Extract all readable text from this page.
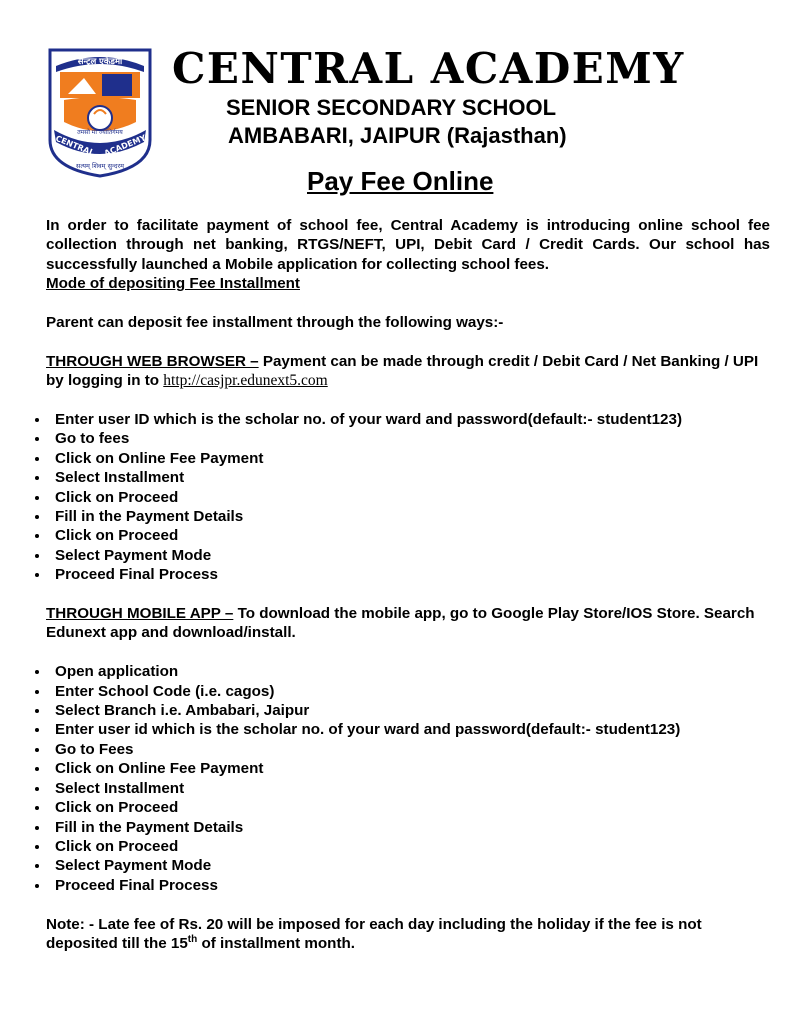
सेन्ट्रल एकेडमी
CENTRAL ACADEMY
तमसो मा ज्योतिर्गमय
सत्यम् शिवम् सुन्दरम्
CENTRAL ACADEMY
SENIOR SECONDARY SCHOOL
AMBABARI, JAIPUR (Rajasthan)
Pay Fee Online

In order to facilitate payment of school fee, Central Academy is introducing online school fee collection through net banking, RTGS/NEFT, UPI, Debit Card / Credit Cards. Our school has successfully launched a Mobile application for collecting school fees.

Mode of depositing Fee Installment

Parent can deposit fee installment through the following ways:-

THROUGH WEB BROWSER – Payment can be made through credit / Debit Card / Net Banking / UPI by logging in to http://casjpr.edunext5.com

Enter user ID which is the scholar no. of your ward and password(default:- student123)
Go to fees
Click on Online Fee Payment
Select Installment
Click on Proceed
Fill in the Payment Details
Click on Proceed
Select Payment Mode
Proceed Final Process

THROUGH MOBILE APP – To download the mobile app, go to Google Play Store/IOS Store. Search Edunext app and download/install.

Open application
Enter School Code (i.e. cagos)
Select Branch i.e. Ambabari, Jaipur
Enter user id which is the scholar no. of your ward and password(default:- student123)
Go to Fees
Click on Online Fee Payment
Select Installment
Click on Proceed
Fill in the Payment Details
Click on Proceed
Select Payment Mode
Proceed Final Process

Note: - Late fee of Rs. 20 will be imposed for each day including the holiday if the fee is not deposited till the 15th of installment month.
